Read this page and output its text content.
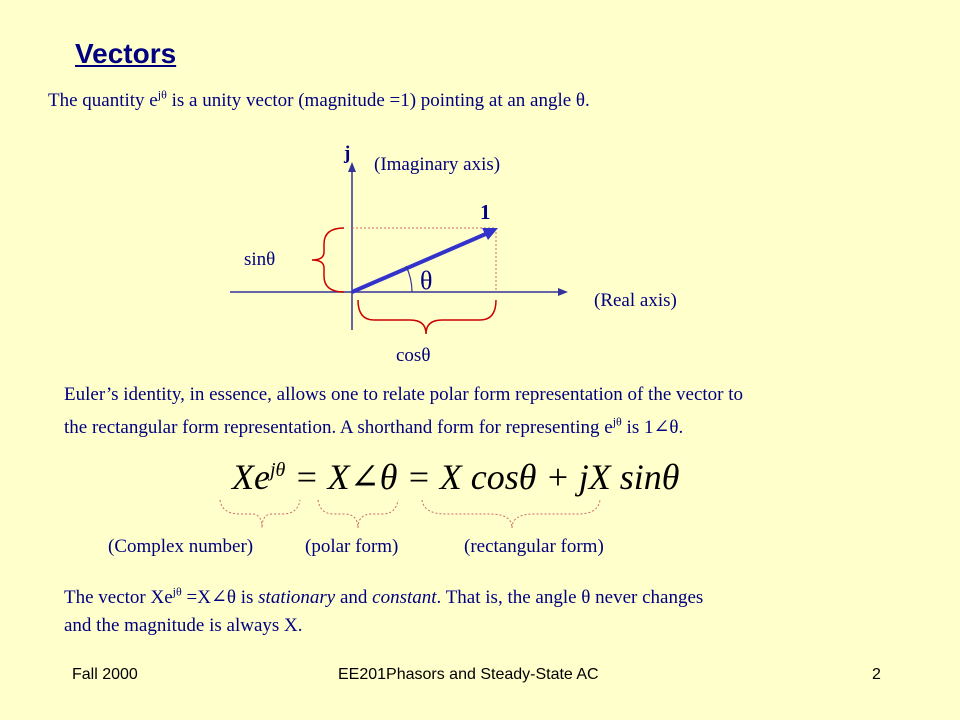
Vectors
The quantity $e^{j\theta}$ is a unity vector (magnitude =1) pointing at an angle θ.
j
(Imaginary axis)
1
sinθ
θ
(Real axis)
cosθ
Euler’s identity, in essence, allows one to relate polar form representation of the vector to
the rectangular form representation. A shorthand form for representing $e^{j\theta}$ is 1∠θ.
$Xe^{j\theta}$ = X∠θ = X cosθ + jX sinθ
(Complex number)	(polar form)	(rectangular form)
The vector $Xe^{j\theta}$ =X∠θ is stationary and constant. That is, the angle θ never changes
and the magnitude is always X.
Fall 2000	EE201Phasors and Steady-State AC	2
